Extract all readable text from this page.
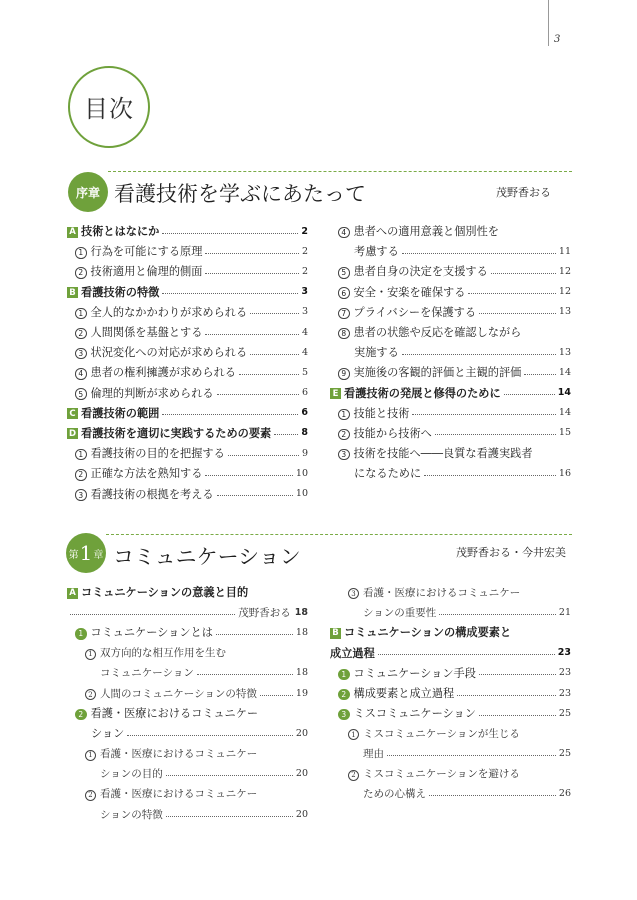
3
目次
序章 看護技術を学ぶにあたって	茂野香おる
A 技術とはなにか	2
1 行為を可能にする原理	2
2 技術適用と倫理的側面	2
B 看護技術の特徴	3
1 全人的なかかわりが求められる	3
2 人間関係を基盤とする	4
3 状況変化への対応が求められる	4
4 患者の権利擁護が求められる	5
5 倫理的判断が求められる	6
C 看護技術の範囲	6
D 看護技術を適切に実践するための要素	8
1 看護技術の目的を把握する	9
2 正確な方法を熟知する	10
3 看護技術の根拠を考える	10
4 患者への適用意義と個別性を
考慮する	11
5 患者自身の決定を支援する	12
6 安全・安楽を確保する	12
7 プライバシーを保護する	13
8 患者の状態や反応を確認しながら
実施する	13
9 実施後の客観的評価と主観的評価	14
E 看護技術の発展と修得のために	14
1 技能と技術	14
2 技能から技術へ	15
3 技術を技能へ――良質な看護実践者
になるために	16
第 1 章 コミュニケーション	茂野香おる・今井宏美
A コミュニケーションの意義と目的
茂野香おる 18
1 コミュニケーションとは	18
1 双方向的な相互作用を生む
コミュニケーション	18
2 人間のコミュニケーションの特徴	19
2 看護・医療におけるコミュニケー
ション	20
1 看護・医療におけるコミュニケー
ションの目的	20
2 看護・医療におけるコミュニケー
ションの特徴	20
3 看護・医療におけるコミュニケー
ションの重要性	21
B コミュニケーションの構成要素と
成立過程	23
1 コミュニケーション手段	23
2 構成要素と成立過程	23
3 ミスコミュニケーション	25
1 ミスコミュニケーションが生じる
理由	25
2 ミスコミュニケーションを避ける
ための心構え	26
